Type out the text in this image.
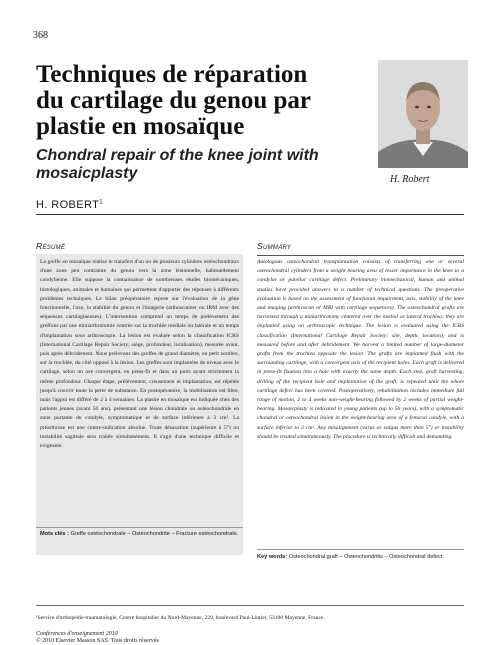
368
Techniques de réparation du cartilage du genou par plastie en mosaïque
Chondral repair of the knee joint with mosaicplasty	H. Robert
H. ROBERT$^1$
Résumé

La greffe en mosaïque réalise le transfert d'un ou de plusieurs cylindres ostéochondraux d'une zone peu contrainte du genou vers la zone lésionnelle, habituellement condylienne. Elle suppose la connaissance de nombreuses études biomécaniques, histologiques, animales et humaines qui permettent d'apporter des réponses à différents problèmes techniques. Le bilan préopératoire repose sur l'évaluation de la gêne fonctionnelle, l'axe, la stabilité du genou et l'imagerie (arthoscanner ou IRM avec des séquences cartilagineuses). L'intervention comprend un temps de prélèvement des greffons par une miniarthrotomie centrée sur la trochlée médiale ou latérale et un temps d'implantation sous arthroscopie. La lésion est évaluée selon la classification ICRS (International Cartilage Repair Society; siège, profondeur, localisation), mesurée avant, puis après débridement. Nous prélevons des greffes de grand diamètre, en petit nombre, sur la trochlée, du côté opposé à la lésion. Les greffes sont implantées de niveau avec le cartilage, selon un axe convergent, en press-fit et dans un puits ayant strictement la même profondeur. Chaque étape, prélèvement, creusement et implantation, est répétée jusqu'à couvrir toute la perte de substance. En postopératoire, la mobilisation est libre, mais l'appui est différé de 2 à 4 semaines. La plastie en mosaïque est indiquée chez des patients jeunes (avant 50 ans), présentant une lésion chondrale ou ostéochondrale en zone portante du condyle, symptomatique et de surface inférieure à 3 cm². La préarthrose est une contre-indication absolue. Toute désaxation (supérieure à 5°) ou instabilité sagittale sera traitée simultanément. Il s'agit d'une technique difficile et exigeante.

Mots clés : Greffe ostéochondrale – Ostéochondrite – Fracture ostéochondrale.

Summary

Autologous osteochondral transplantation consists of transferring one or several osteochondral cylinders from a weight bearing area of lesser importance in the knee to a condylar or patellar cartilage defect. Preliminary biomechanical, human and animal studies have provided answers to a number of technical questions. The preoperative evaluation is based on the assessment of functional impairment, axis, stability of the knee and imaging (arthroscan or MRI with cartilage sequences). The osteochondral grafts are harvested through a miniarthrotomy centered over the medial or lateral trochlea; they are implanted using an arthroscopic technique. The lesion is evaluated using the ICRS classification (International Cartilage Repair Society; site, depth, location), and is measured before and after debridement. We harvest a limited number of large-diameter grafts from the trochlea opposite the lesion. The grafts are implanted flush with the surrounding cartilage, with a convergent axis of the recipient holes. Each graft is delivered in press-fit fixation into a hole with exactly the same depth. Each step, graft harvesting, drilling of the recipient hole and implantation of the graft, is repeated until the whole cartilage defect has been covered. Postoperatively, rehabilitation includes immediate full range of motion, 2 to 4 weeks non-weight-bearing followed by 2 weeks of partial weight-bearing. Mosaicplasty is indicated in young patients (up to 50 years), with a symptomatic chondral or osteochondral lesion in the weight-bearing area of a femoral condyle, with a surface inferior to 3 cm². Any misalignment (varus or valgus more than 5°) or instability should be treated simultaneously. The procedure is technically difficult and demanding.

Key words: Osteochondral graft – Osteochondritis – Osteochondral defect.

¹Service d'orthopédie-traumatologie, Centre hospitalier du Nord-Mayenne, 229, boulevard Paul-Lintier, 53100 Mayenne, France.
Conférences d'enseignement 2010
© 2010 Elsevier Masson SAS. Tous droits réservés
